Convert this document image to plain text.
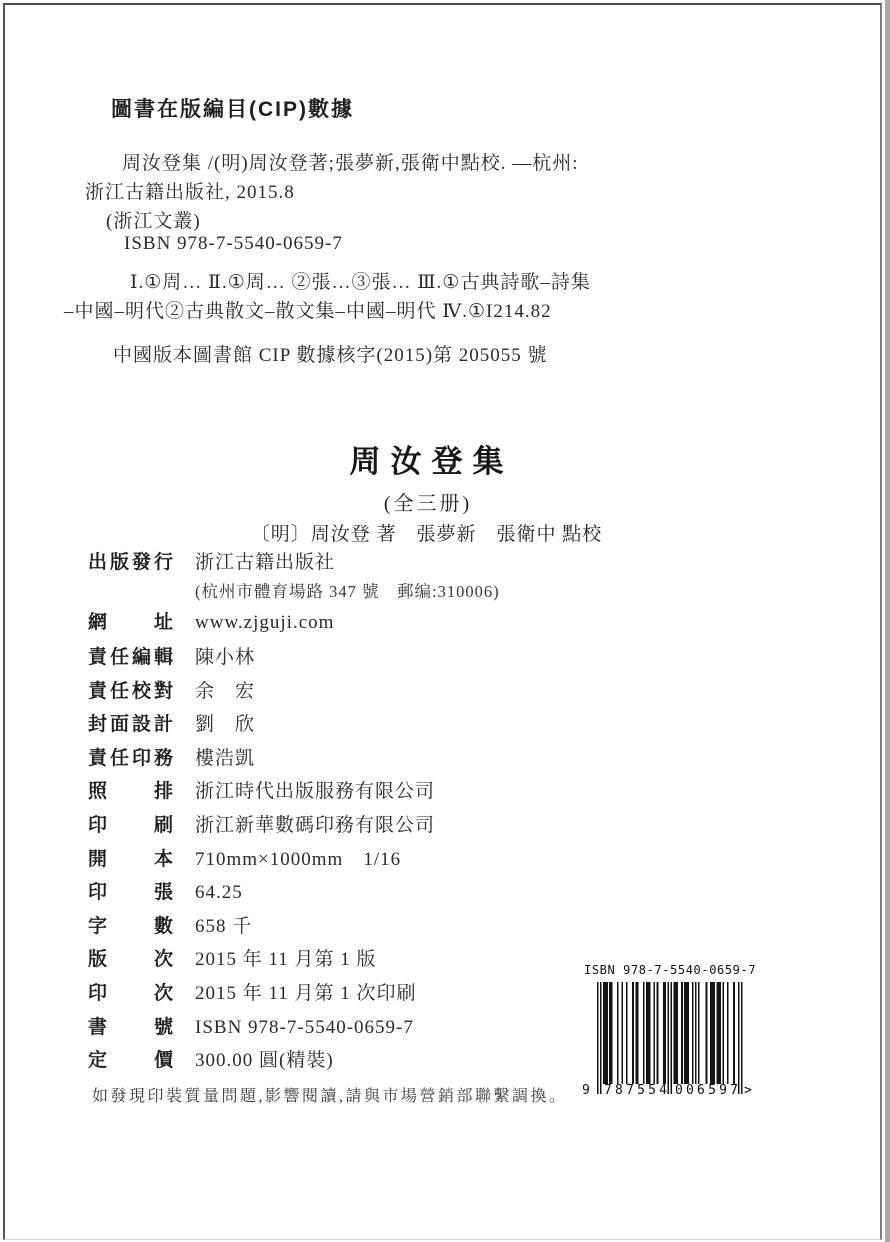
圖書在版編目(CIP)數據

周汝登集 /(明)周汝登著;張夢新,張衛中點校. —杭州:

浙江古籍出版社, 2015.8

(浙江文叢)

ISBN 978-7-5540-0659-7

Ⅰ.①周… Ⅱ.①周… ②張…③張… Ⅲ.①古典詩歌–詩集

–中國–明代②古典散文–散文集–中國–明代 Ⅳ.①I214.82

中國版本圖書館 CIP 數據核字(2015)第 205055 號

周汝登集
(全三册)
〔明〕周汝登 著　張夢新　張衛中 點校
出版發行 浙江古籍出版社
(杭州市體育場路 347 號　郵编:310006)
網　　址 www.zjguji.com
責任編輯 陳小林
責任校對 余　宏
封面設計 劉　欣
責任印務 樓浩凱
照　　排 浙江時代出版服務有限公司
印　　刷 浙江新華數碼印務有限公司
開　　本 710mm×1000mm　1/16
印　　張 64.25
字　　數 658 千
版　　次 2015 年 11 月第 1 版
印　　次 2015 年 11 月第 1 次印刷
書　　號 ISBN 978-7-5540-0659-7
定　　價 300.00 圓(精裝)

如發現印裝質量問題,影響閱讀,請與市場營銷部聯繫調換。

ISBN 978-7-5540-0659-7
9 787554 006597 >
